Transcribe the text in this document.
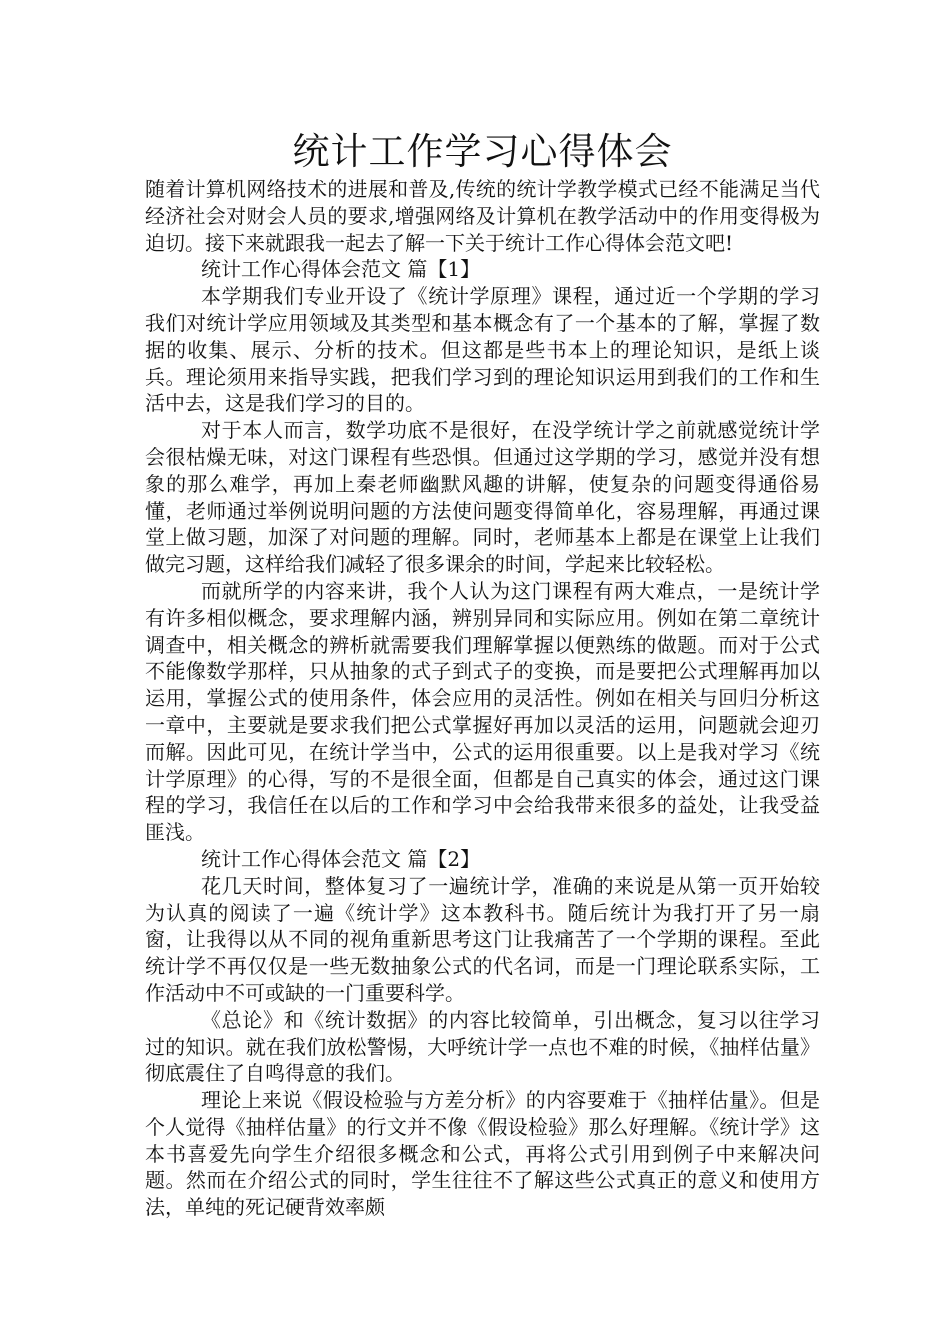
统计工作学习心得体会

随着计算机网络技术的进展和普及,传统的统计学教学模式已经不能满足当代经济社会对财会人员的要求,增强网络及计算机在教学活动中的作用变得极为迫切。接下来就跟我一起去了解一下关于统计工作心得体会范文吧!

统计工作心得体会范文 篇【1】

本学期我们专业开设了《统计学原理》课程，通过近一个学期的学习我们对统计学应用领域及其类型和基本概念有了一个基本的了解，掌握了数据的收集、展示、分析的技术。但这都是些书本上的理论知识，是纸上谈兵。理论须用来指导实践，把我们学习到的理论知识运用到我们的工作和生活中去，这是我们学习的目的。

对于本人而言，数学功底不是很好，在没学统计学之前就感觉统计学会很枯燥无味，对这门课程有些恐惧。但通过这学期的学习，感觉并没有想象的那么难学，再加上秦老师幽默风趣的讲解，使复杂的问题变得通俗易懂，老师通过举例说明问题的方法使问题变得简单化，容易理解，再通过课堂上做习题，加深了对问题的理解。同时，老师基本上都是在课堂上让我们做完习题，这样给我们减轻了很多课余的时间，学起来比较轻松。

而就所学的内容来讲，我个人认为这门课程有两大难点，一是统计学有许多相似概念，要求理解内涵，辨别异同和实际应用。例如在第二章统计调查中，相关概念的辨析就需要我们理解掌握以便熟练的做题。而对于公式不能像数学那样，只从抽象的式子到式子的变换，而是要把公式理解再加以运用，掌握公式的使用条件，体会应用的灵活性。例如在相关与回归分析这一章中，主要就是要求我们把公式掌握好再加以灵活的运用，问题就会迎刃而解。因此可见，在统计学当中，公式的运用很重要。以上是我对学习《统计学原理》的心得，写的不是很全面，但都是自己真实的体会，通过这门课程的学习，我信任在以后的工作和学习中会给我带来很多的益处，让我受益匪浅。

统计工作心得体会范文 篇【2】

花几天时间，整体复习了一遍统计学，准确的来说是从第一页开始较为认真的阅读了一遍《统计学》这本教科书。随后统计为我打开了另一扇窗，让我得以从不同的视角重新思考这门让我痛苦了一个学期的课程。至此统计学不再仅仅是一些无数抽象公式的代名词，而是一门理论联系实际，工作活动中不可或缺的一门重要科学。

《总论》和《统计数据》的内容比较简单，引出概念，复习以往学习过的知识。就在我们放松警惕，大呼统计学一点也不难的时候，《抽样估量》彻底震住了自鸣得意的我们。

理论上来说《假设检验与方差分析》的内容要难于《抽样估量》。但是个人觉得《抽样估量》的行文并不像《假设检验》那么好理解。《统计学》这本书喜爱先向学生介绍很多概念和公式，再将公式引用到例子中来解决问题。然而在介绍公式的同时，学生往往不了解这些公式真正的意义和使用方法，单纯的死记硬背效率颇
